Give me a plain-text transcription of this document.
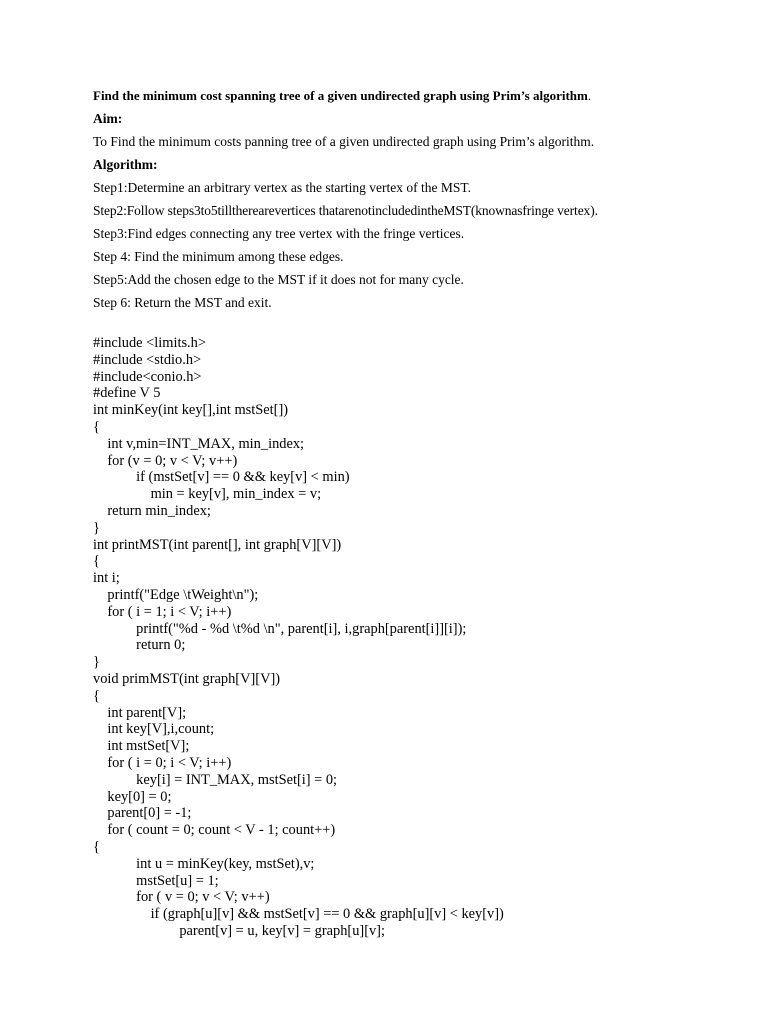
Find the minimum cost spanning tree of a given undirected graph using Prim’s algorithm.
Aim:
To Find the minimum costs panning tree of a given undirected graph using Prim’s algorithm.
Algorithm:
Step1:Determine an arbitrary vertex as the starting vertex of the MST.
Step2:Follow steps3to5tilltherearevertices thatarenotincludedintheMST(knownasfringe vertex).
Step3:Find edges connecting any tree vertex with the fringe vertices.
Step 4: Find the minimum among these edges.
Step5:Add the chosen edge to the MST if it does not for many cycle.
Step 6: Return the MST and exit.
#include <limits.h>
#include <stdio.h>
#include<conio.h>
#define V 5
int minKey(int key[],int mstSet[])
{
int v,min=INT_MAX, min_index;
for (v = 0; v < V; v++)
if (mstSet[v] == 0 && key[v] < min)
min = key[v], min_index = v;
return min_index;
}
int printMST(int parent[], int graph[V][V])
{
int i;
printf("Edge \tWeight\n");
for ( i = 1; i < V; i++)
printf("%d - %d \t%d \n", parent[i], i,graph[parent[i]][i]);
return 0;
}
void primMST(int graph[V][V])
{
int parent[V];
int key[V],i,count;
int mstSet[V];
for ( i = 0; i < V; i++)
key[i] = INT_MAX, mstSet[i] = 0;
key[0] = 0;
parent[0] = -1;
for ( count = 0; count < V - 1; count++)
{
int u = minKey(key, mstSet),v;
mstSet[u] = 1;
for ( v = 0; v < V; v++)
if (graph[u][v] && mstSet[v] == 0 && graph[u][v] < key[v])
parent[v] = u, key[v] = graph[u][v];
